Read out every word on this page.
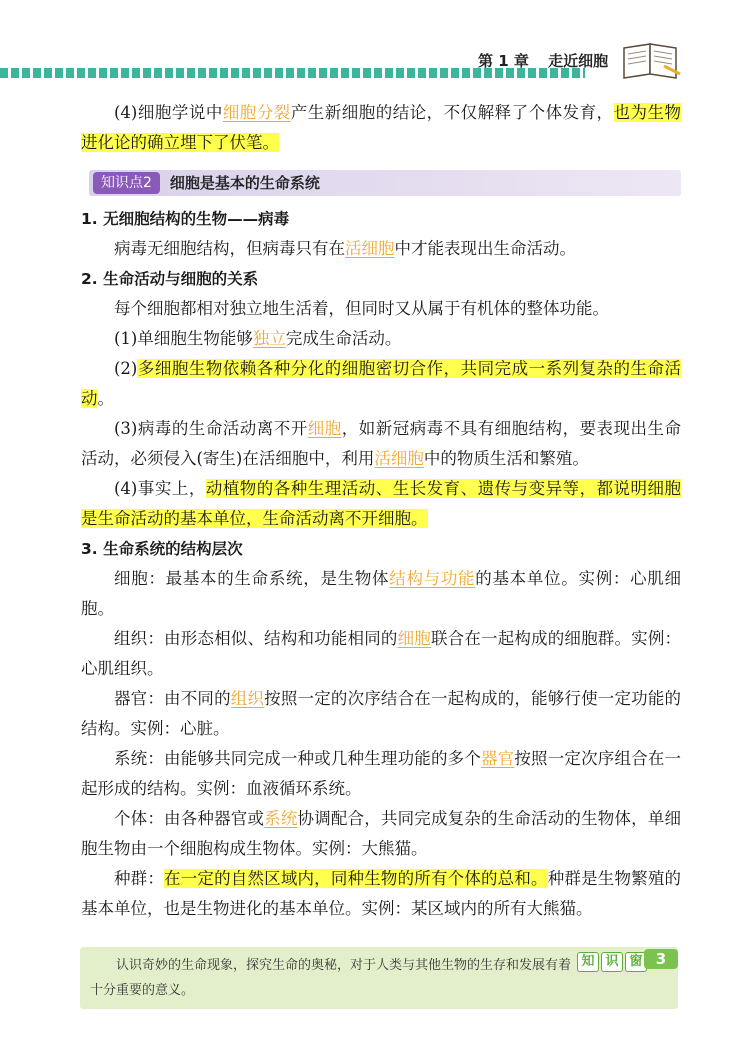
第 1 章 走近细胞

(4)细胞学说中细胞分裂产生新细胞的结论，不仅解释了个体发育，也为生物进化论的确立埋下了伏笔。

知识点2	细胞是基本的生命系统

1. 无细胞结构的生物——病毒

病毒无细胞结构，但病毒只有在活细胞中才能表现出生命活动。

2. 生命活动与细胞的关系

每个细胞都相对独立地生活着，但同时又从属于有机体的整体功能。

(1)单细胞生物能够独立完成生命活动。

(2)多细胞生物依赖各种分化的细胞密切合作，共同完成一系列复杂的生命活动。

(3)病毒的生命活动离不开细胞，如新冠病毒不具有细胞结构，要表现出生命活动，必须侵入(寄生)在活细胞中，利用活细胞中的物质生活和繁殖。

(4)事实上，动植物的各种生理活动、生长发育、遗传与变异等，都说明细胞是生命活动的基本单位，生命活动离不开细胞。

3. 生命系统的结构层次

细胞：最基本的生命系统，是生物体结构与功能的基本单位。实例：心肌细胞。

组织：由形态相似、结构和功能相同的细胞联合在一起构成的细胞群。实例：心肌组织。

器官：由不同的组织按照一定的次序结合在一起构成的，能够行使一定功能的结构。实例：心脏。

系统：由能够共同完成一种或几种生理功能的多个器官按照一定次序组合在一起形成的结构。实例：血液循环系统。

个体：由各种器官或系统协调配合，共同完成复杂的生命活动的生物体，单细胞生物由一个细胞构成生物体。实例：大熊猫。

种群：在一定的自然区域内，同种生物的所有个体的总和。种群是生物繁殖的基本单位，也是生物进化的基本单位。实例：某区域内的所有大熊猫。

认识奇妙的生命现象，探究生命的奥秘，对于人类与其他生物的生存和发展有着十分重要的意义。
知 识 窗 3
